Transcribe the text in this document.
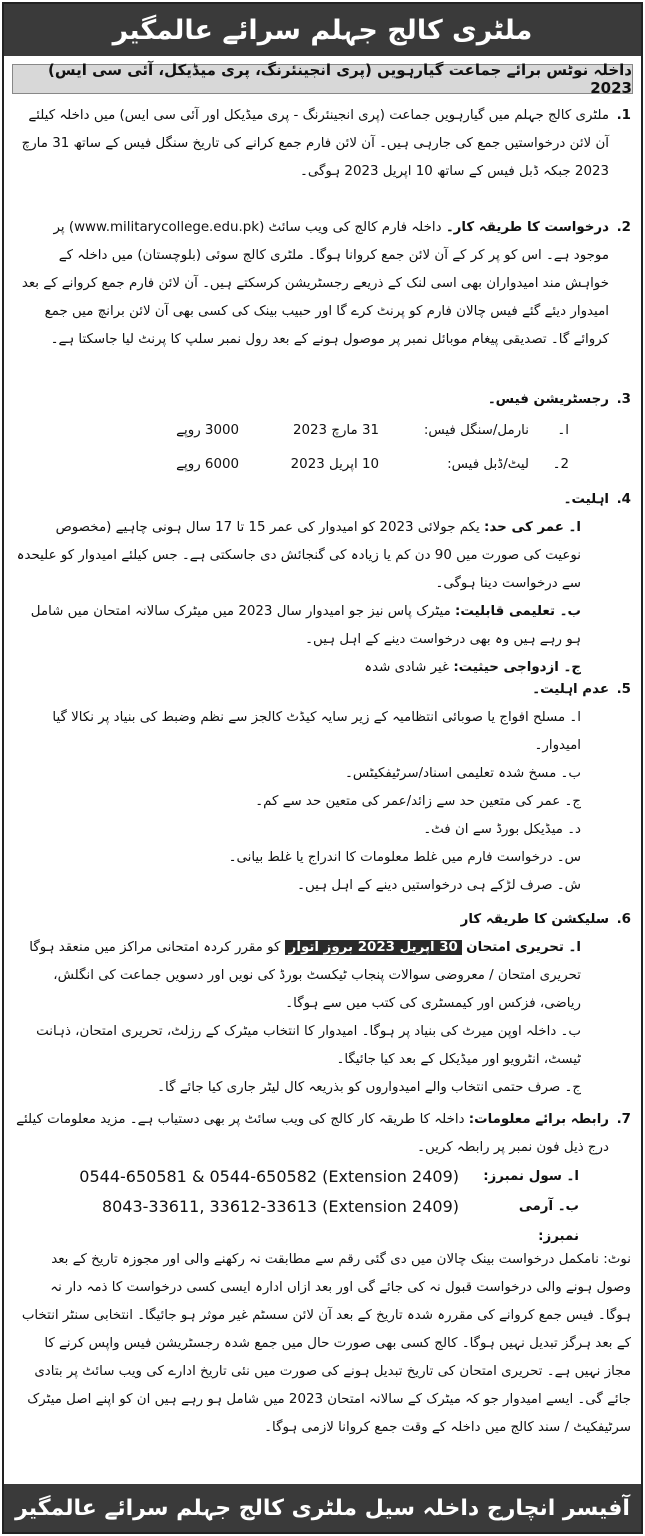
ملٹری کالج جہلم سرائے عالمگیر
داخلہ نوٹس برائے جماعت گیارہویں (پری انجینئرنگ، پری میڈیکل، آئی سی ایس) 2023
1.
ملٹری کالج جہلم میں گیارہویں جماعت (پری انجینئرنگ - پری میڈیکل اور آئی سی ایس) میں داخلہ کیلئے آن لائن درخواستیں جمع کی جارہی ہیں۔ آن لائن فارم جمع کرانے کی تاریخ سنگل فیس کے ساتھ 31 مارچ 2023 جبکہ ڈبل فیس کے ساتھ 10 اپریل 2023 ہوگی۔
2.
درخواست کا طریقہ کار۔ داخلہ فارم کالج کی ویب سائٹ (www.militarycollege.edu.pk) پر موجود ہے۔ اس کو پر کر کے آن لائن جمع کروانا ہوگا۔ ملٹری کالج سوئی (بلوچستان) میں داخلہ کے خواہش مند امیدواران بھی اسی لنک کے ذریعے رجسٹریشن کرسکتے ہیں۔ آن لائن فارم جمع کروانے کے بعد امیدوار دیئے گئے فیس چالان فارم کو پرنٹ کرے گا اور حبیب بینک کی کسی بھی آن لائن برانچ میں جمع کروائے گا۔ تصدیقی پیغام موبائل نمبر پر موصول ہونے کے بعد رول نمبر سلپ کا پرنٹ لیا جاسکتا ہے۔
3.
رجسٹریشن فیس۔
ا۔
نارمل/سنگل فیس:
31 مارچ 2023
3000 روپے
2۔
لیٹ/ڈبل فیس:
10 اپریل 2023
6000 روپے
4.
اہلیت۔
ا۔ عمر کی حد: یکم جولائی 2023 کو امیدوار کی عمر 15 تا 17 سال ہونی چاہیے (مخصوص نوعیت کی صورت میں 90 دن کم یا زیادہ کی گنجائش دی جاسکتی ہے۔ جس کیلئے امیدوار کو علیحدہ سے درخواست دینا ہوگی۔
ب۔ تعلیمی قابلیت: میٹرک پاس نیز جو امیدوار سال 2023 میں میٹرک سالانہ امتحان میں شامل ہو رہے ہیں وہ بھی درخواست دینے کے اہل ہیں۔
ج۔ ازدواجی حیثیت: غیر شادی شدہ
5.
عدم اہلیت۔
ا۔ مسلح افواج یا صوبائی انتظامیہ کے زیر سایہ کیڈٹ کالجز سے نظم وضبط کی بنیاد پر نکالا گیا امیدوار۔
ب۔ مسخ شدہ تعلیمی اسناد/سرٹیفکیٹس۔
ج۔ عمر کی متعین حد سے زائد/عمر کی متعین حد سے کم۔
د۔ میڈیکل بورڈ سے ان فٹ۔
س۔ درخواست فارم میں غلط معلومات کا اندراج یا غلط بیانی۔
ش۔ صرف لڑکے ہی درخواستیں دینے کے اہل ہیں۔
6.
سلیکشن کا طریقہ کار
ا۔ تحریری امتحان 30 اپریل 2023 بروز اتوار کو مقرر کردہ امتحانی مراکز میں منعقد ہوگا تحریری امتحان / معروضی سوالات پنجاب ٹیکسٹ بورڈ کی نویں اور دسویں جماعت کی انگلش، ریاضی، فزکس اور کیمسٹری کی کتب میں سے ہوگا۔
ب۔ داخلہ اوپن میرٹ کی بنیاد پر ہوگا۔ امیدوار کا انتخاب میٹرک کے رزلٹ، تحریری امتحان، ذہانت ٹیسٹ، انٹرویو اور میڈیکل کے بعد کیا جائیگا۔
ج۔ صرف حتمی انتخاب والے امیدواروں کو بذریعہ کال لیٹر جاری کیا جائے گا۔
7.
رابطہ برائے معلومات: داخلہ کا طریقہ کار کالج کی ویب سائٹ پر بھی دستیاب ہے۔ مزید معلومات کیلئے درج ذیل فون نمبر پر رابطہ کریں۔
ا۔ سول نمبرز:
0544-650581 & 0544-650582 (Extension 2409)
ب۔ آرمی نمبرز:
8043-33611, 33612-33613 (Extension 2409)
نوٹ: نامکمل درخواست بینک چالان میں دی گئی رقم سے مطابقت نہ رکھنے والی اور مجوزہ تاریخ کے بعد وصول ہونے والی درخواست قبول نہ کی جائے گی اور بعد ازاں ادارہ ایسی کسی درخواست کا ذمہ دار نہ ہوگا۔ فیس جمع کروانے کی مقررہ شدہ تاریخ کے بعد آن لائن سسٹم غیر موثر ہو جائیگا۔ انتخابی سنٹر انتخاب کے بعد ہرگز تبدیل نہیں ہوگا۔ کالج کسی بھی صورت حال میں جمع شدہ رجسٹریشن فیس واپس کرنے کا مجاز نہیں ہے۔ تحریری امتحان کی تاریخ تبدیل ہونے کی صورت میں نئی تاریخ ادارے کی ویب سائٹ پر بتادی جائے گی۔ ایسے امیدوار جو کہ میٹرک کے سالانہ امتحان 2023 میں شامل ہو رہے ہیں ان کو اپنے اصل میٹرک سرٹیفکیٹ / سند کالج میں داخلہ کے وقت جمع کروانا لازمی ہوگا۔
آفیسر انچارج داخلہ سیل ملٹری کالج جہلم سرائے عالمگیر
